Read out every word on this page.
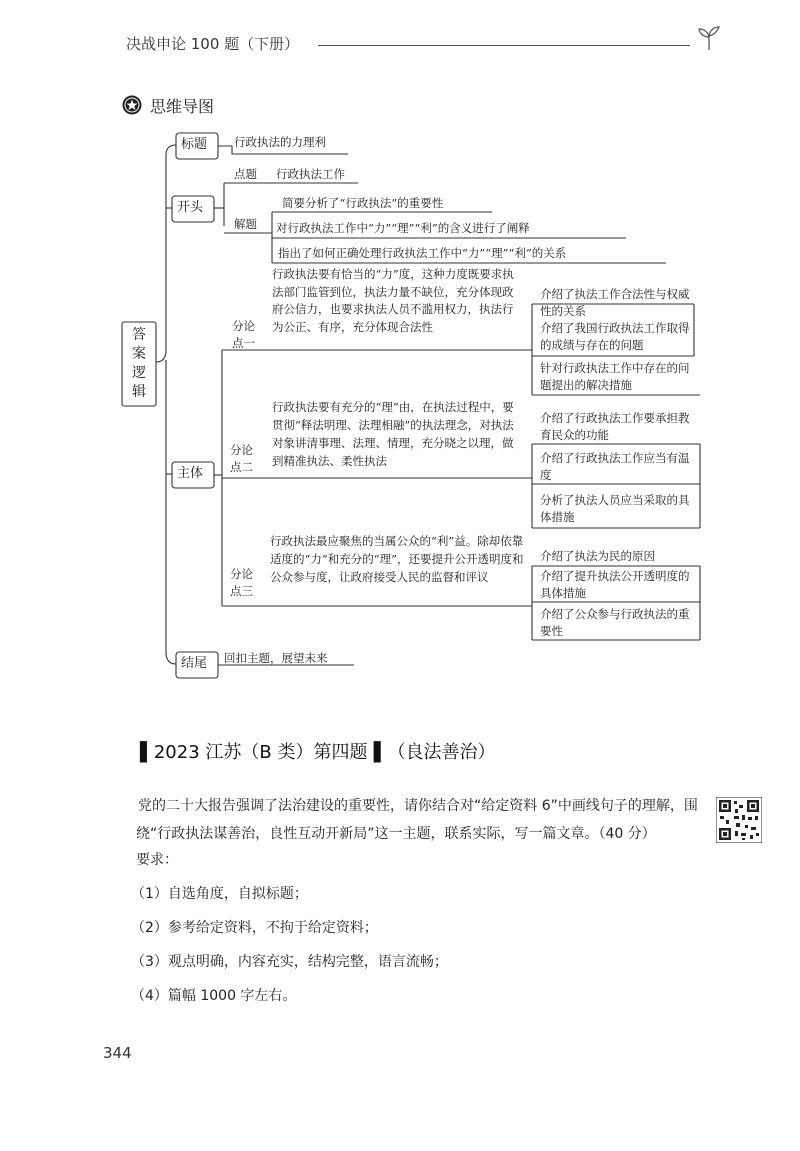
决战申论 100 题（下册）
思维导图
答案逻辑
标题 行政执法的力理利
开头
点题 行政执法工作
解题
简要分析了“行政执法”的重要性
对行政执法工作中“力”“理”“利”的含义进行了阐释
指出了如何正确处理行政执法工作中“力”“理”“利”的关系
主体
分论点一
行政执法要有恰当的“力”度，这种力度既要求执法部门监管到位，执法力量不缺位，充分体现政府公信力，也要求执法人员不滥用权力，执法行为公正、有序，充分体现合法性
介绍了执法工作合法性与权威性的关系
介绍了我国行政执法工作取得的成绩与存在的问题
针对行政执法工作中存在的问题提出的解决措施
分论点二
行政执法要有充分的“理”由，在执法过程中，要贯彻“释法明理、法理相融”的执法理念，对执法对象讲清事理、法理、情理，充分晓之以理，做到精准执法、柔性执法
介绍了行政执法工作要承担教育民众的功能
介绍了行政执法工作应当有温度
分析了执法人员应当采取的具体措施
分论点三
行政执法最应聚焦的当属公众的“利”益。除却依靠适度的“力”和充分的“理”，还要提升公开透明度和公众参与度，让政府接受人民的监督和评议
介绍了执法为民的原因
介绍了提升执法公开透明度的具体措施
介绍了公众参与行政执法的重要性
结尾 回扣主题，展望未来
▌2023 江苏（B 类）第四题 ▌（良法善治）
党的二十大报告强调了法治建设的重要性，请你结合对“给定资料 6”中画线句子的理解，围绕“行政执法谋善治，良性互动开新局”这一主题，联系实际，写一篇文章。（40 分）
要求：
（1）自选角度，自拟标题；
（2）参考给定资料，不拘于给定资料；
（3）观点明确，内容充实，结构完整，语言流畅；
（4）篇幅 1000 字左右。
344
